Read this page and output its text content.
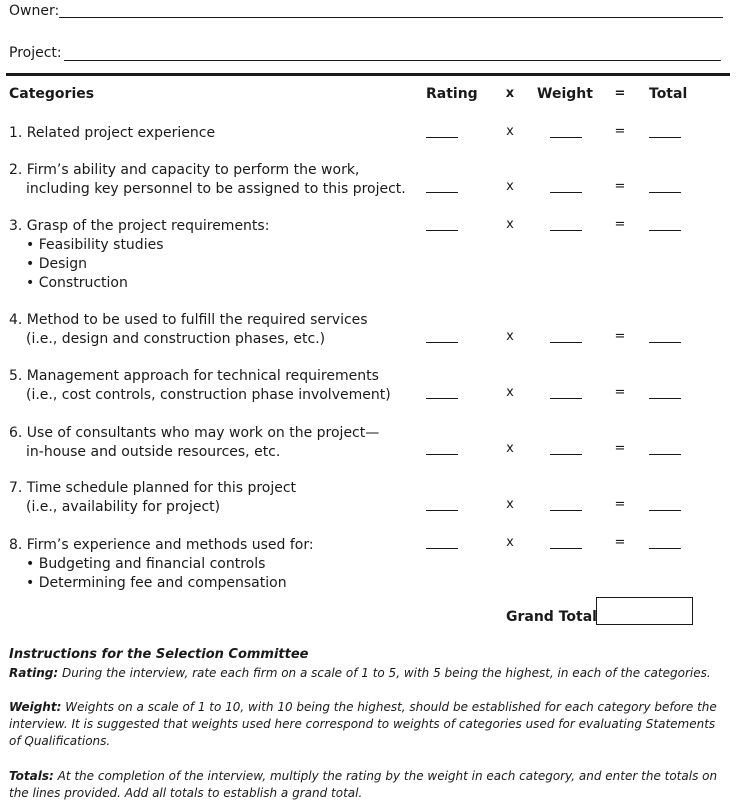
Owner:
Project:
Categories	Rating x Weight = Total
1. Related project experience	x	=
2. Firm’s ability and capacity to perform the work,
including key personnel to be assigned to this project.	x	=
3. Grasp of the project requirements:
• Feasibility studies
• Design
• Construction
x	=
4. Method to be used to fulfill the required services
(i.e., design and construction phases, etc.)	x	=
5. Management approach for technical requirements
(i.e., cost controls, construction phase involvement)	x	=
6. Use of consultants who may work on the project—
in-house and outside resources, etc.	x	=
7. Time schedule planned for this project
(i.e., availability for project)	x	=
8. Firm’s experience and methods used for:
• Budgeting and financial controls
• Determining fee and compensation
x	=
Grand Total
Instructions for the Selection Committee
Rating: During the interview, rate each firm on a scale of 1 to 5, with 5 being the highest, in each of the categories.
Weight: Weights on a scale of 1 to 10, with 10 being the highest, should be established for each category before the interview. It is suggested that weights used here correspond to weights of categories used for evaluating Statements of Qualifications.
Totals: At the completion of the interview, multiply the rating by the weight in each category, and enter the totals on the lines provided. Add all totals to establish a grand total.
